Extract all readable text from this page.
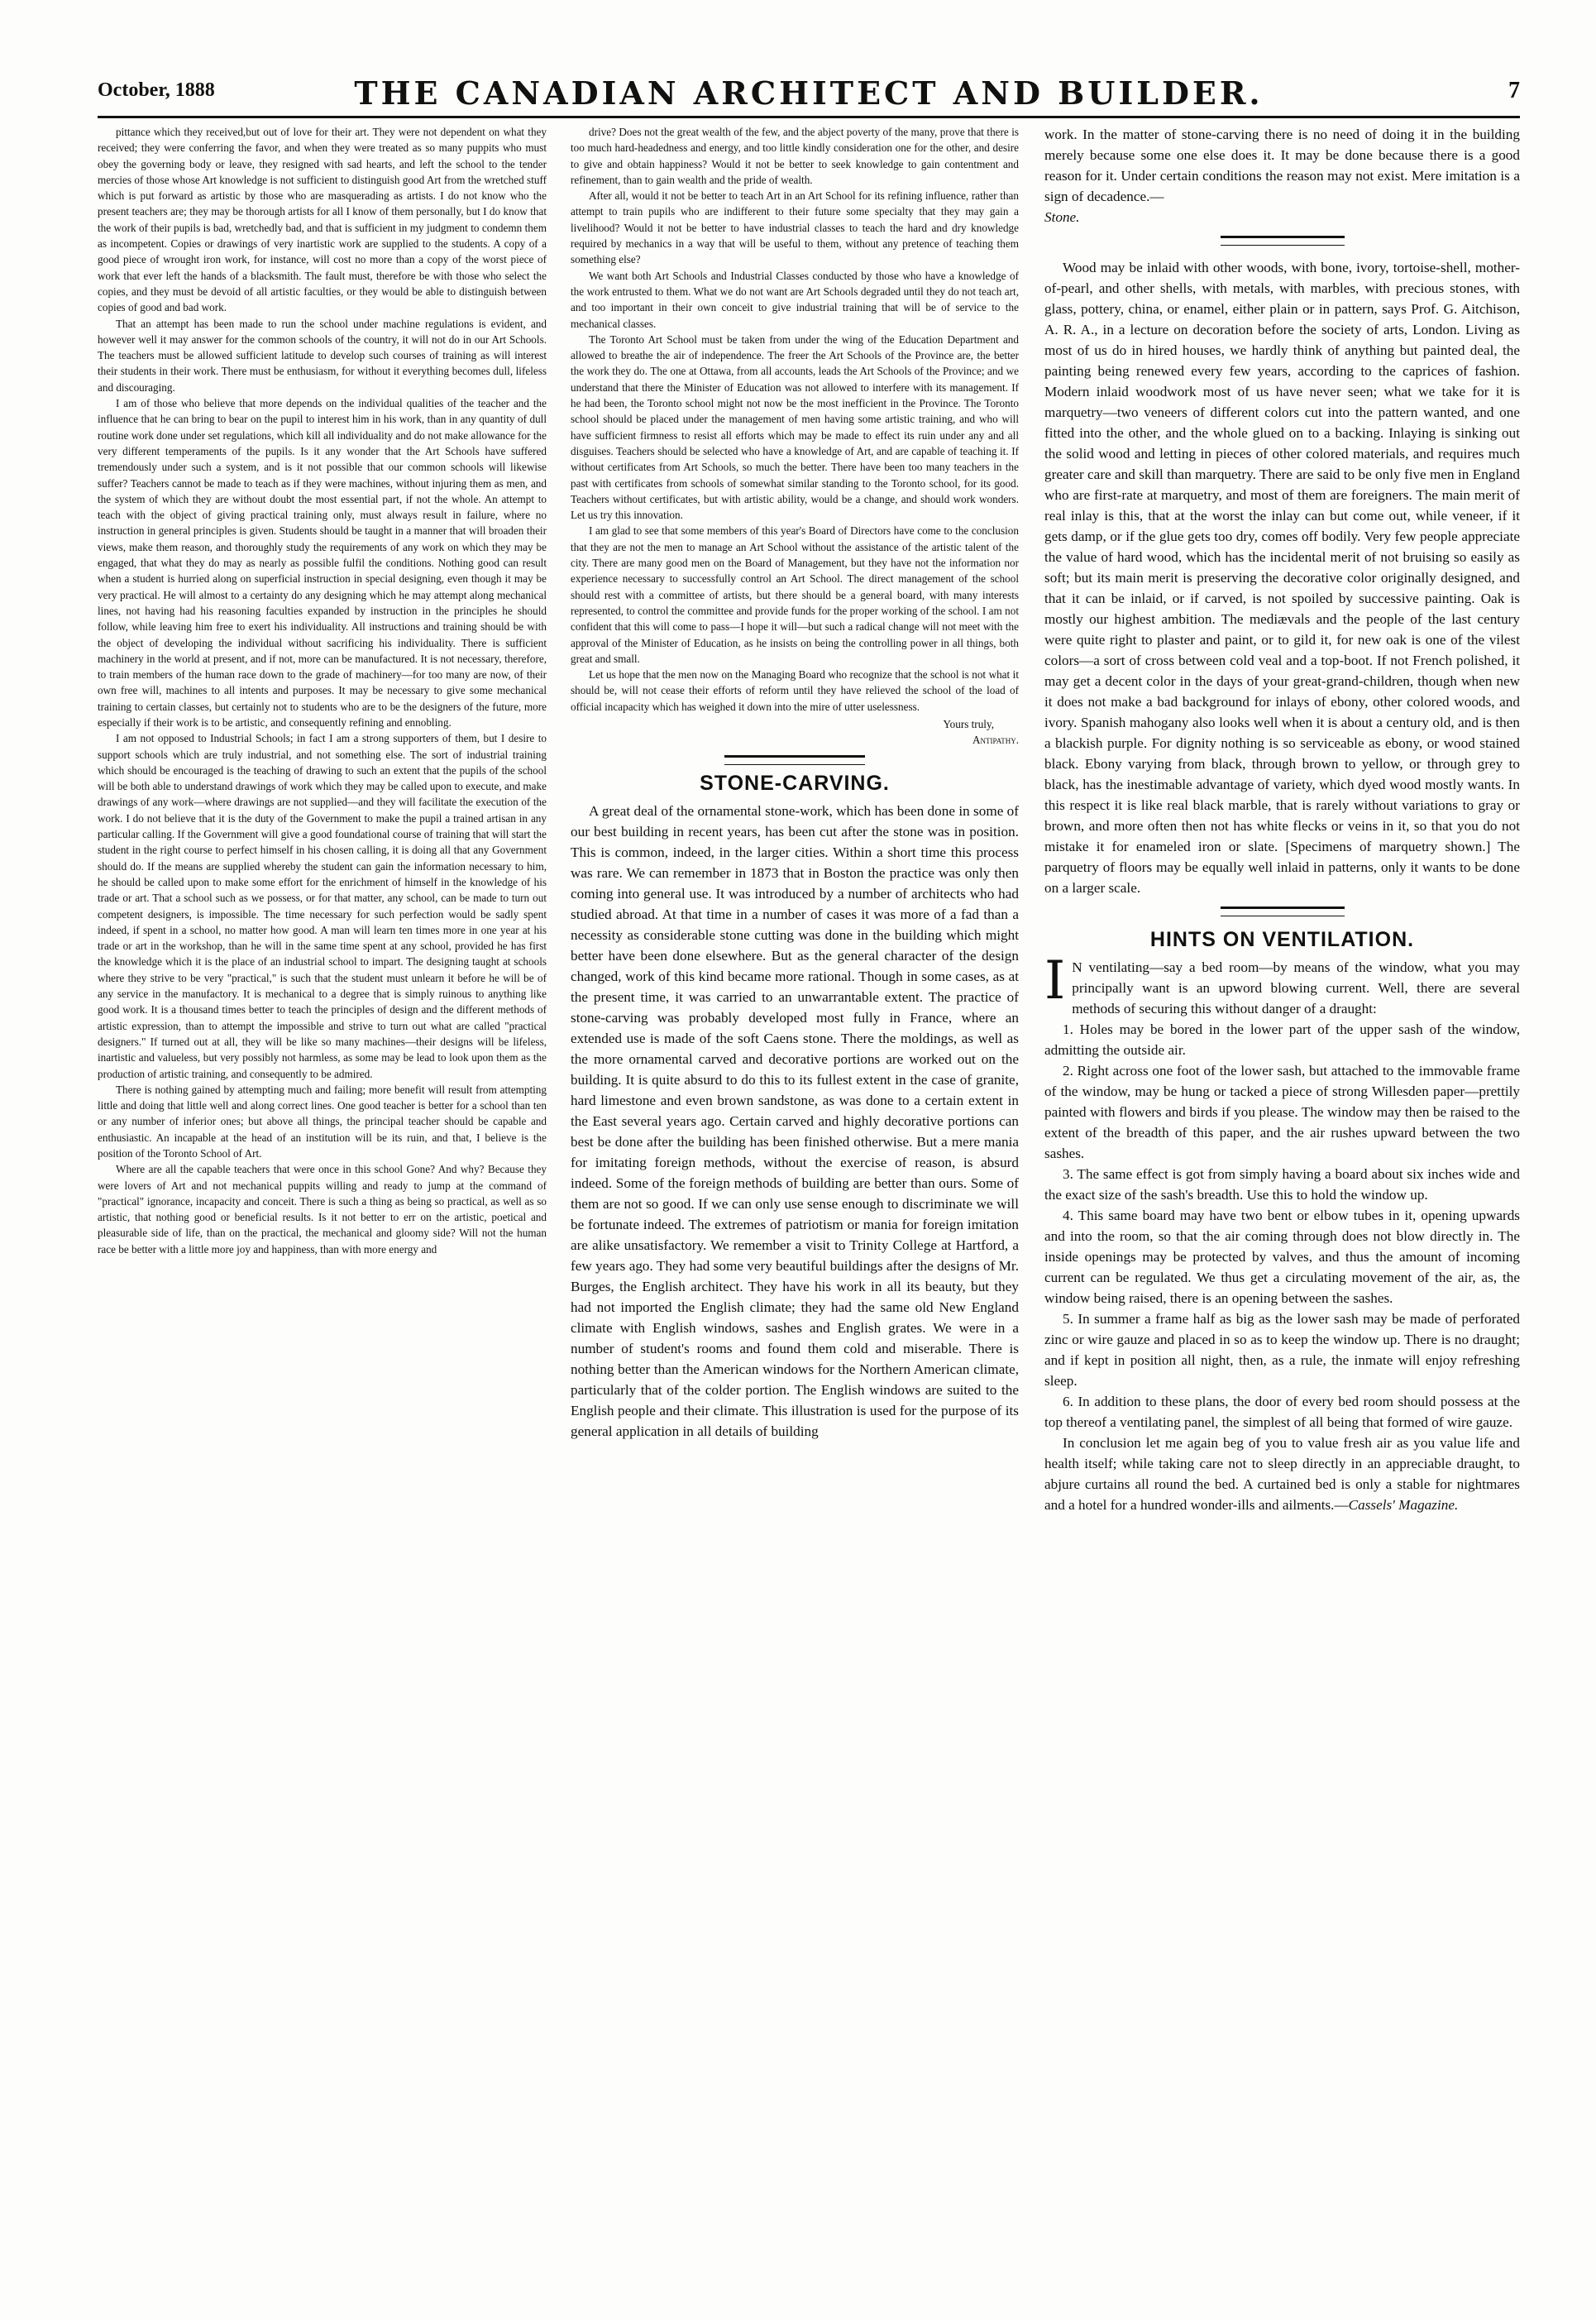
October, 1888	THE CANADIAN ARCHITECT AND BUILDER.	7

pittance which they received,but out of love for their art. They were not dependent on what they received; they were conferring the favor, and when they were treated as so many puppits who must obey the governing body or leave, they resigned with sad hearts, and left the school to the tender mercies of those whose Art knowledge is not sufficient to distinguish good Art from the wretched stuff which is put forward as artistic by those who are masquerading as artists. I do not know who the present teachers are; they may be thorough artists for all I know of them personally, but I do know that the work of their pupils is bad, wretchedly bad, and that is sufficient in my judgment to condemn them as incompetent. Copies or drawings of very inartistic work are supplied to the students. A copy of a good piece of wrought iron work, for instance, will cost no more than a copy of the worst piece of work that ever left the hands of a blacksmith. The fault must, therefore be with those who select the copies, and they must be devoid of all artistic faculties, or they would be able to distinguish between copies of good and bad work.

That an attempt has been made to run the school under machine regulations is evident, and however well it may answer for the common schools of the country, it will not do in our Art Schools. The teachers must be allowed sufficient latitude to develop such courses of training as will interest their students in their work. There must be enthusiasm, for without it everything becomes dull, lifeless and discouraging.

I am of those who believe that more depends on the individual qualities of the teacher and the influence that he can bring to bear on the pupil to interest him in his work, than in any quantity of dull routine work done under set regulations, which kill all individuality and do not make allowance for the very different temperaments of the pupils. Is it any wonder that the Art Schools have suffered tremendously under such a system, and is it not possible that our common schools will likewise suffer? Teachers cannot be made to teach as if they were machines, without injuring them as men, and the system of which they are without doubt the most essential part, if not the whole. An attempt to teach with the object of giving practical training only, must always result in failure, where no instruction in general principles is given. Students should be taught in a manner that will broaden their views, make them reason, and thoroughly study the requirements of any work on which they may be engaged, that what they do may as nearly as possible fulfil the conditions. Nothing good can result when a student is hurried along on superficial instruction in special designing, even though it may be very practical. He will almost to a certainty do any designing which he may attempt along mechanical lines, not having had his reasoning faculties expanded by instruction in the principles he should follow, while leaving him free to exert his individuality. All instructions and training should be with the object of developing the individual without sacrificing his individuality. There is sufficient machinery in the world at present, and if not, more can be manufactured. It is not necessary, therefore, to train members of the human race down to the grade of machinery—for too many are now, of their own free will, machines to all intents and purposes. It may be necessary to give some mechanical training to certain classes, but certainly not to students who are to be the designers of the future, more especially if their work is to be artistic, and consequently refining and ennobling.

I am not opposed to Industrial Schools; in fact I am a strong supporters of them, but I desire to support schools which are truly industrial, and not something else. The sort of industrial training which should be encouraged is the teaching of drawing to such an extent that the pupils of the school will be both able to understand drawings of work which they may be called upon to execute, and make drawings of any work—where drawings are not supplied—and they will facilitate the execution of the work. I do not believe that it is the duty of the Government to make the pupil a trained artisan in any particular calling. If the Government will give a good foundational course of training that will start the student in the right course to perfect himself in his chosen calling, it is doing all that any Government should do. If the means are supplied whereby the student can gain the information necessary to him, he should be called upon to make some effort for the enrichment of himself in the knowledge of his trade or art. That a school such as we possess, or for that matter, any school, can be made to turn out competent designers, is impossible. The time necessary for such perfection would be sadly spent indeed, if spent in a school, no matter how good. A man will learn ten times more in one year at his trade or art in the workshop, than he will in the same time spent at any school, provided he has first the knowledge which it is the place of an industrial school to impart. The designing taught at schools where they strive to be very "practical," is such that the student must unlearn it before he will be of any service in the manufactory. It is mechanical to a degree that is simply ruinous to anything like good work. It is a thousand times better to teach the principles of design and the different methods of artistic expression, than to attempt the impossible and strive to turn out what are called "practical designers." If turned out at all, they will be like so many machines—their designs will be lifeless, inartistic and valueless, but very possibly not harmless, as some may be lead to look upon them as the production of artistic training, and consequently to be admired.

There is nothing gained by attempting much and failing; more benefit will result from attempting little and doing that little well and along correct lines. One good teacher is better for a school than ten or any number of inferior ones; but above all things, the principal teacher should be capable and enthusiastic. An incapable at the head of an institution will be its ruin, and that, I believe is the position of the Toronto School of Art.

Where are all the capable teachers that were once in this school Gone? And why? Because they were lovers of Art and not mechanical puppits willing and ready to jump at the command of "practical" ignorance, incapacity and conceit. There is such a thing as being so practical, as well as so artistic, that nothing good or beneficial results. Is it not better to err on the artistic, poetical and pleasurable side of life, than on the practical, the mechanical and gloomy side? Will not the human race be better with a little more joy and happiness, than with more energy and

drive? Does not the great wealth of the few, and the abject poverty of the many, prove that there is too much hard-headedness and energy, and too little kindly consideration one for the other, and desire to give and obtain happiness? Would it not be better to seek knowledge to gain contentment and refinement, than to gain wealth and the pride of wealth.

After all, would it not be better to teach Art in an Art School for its refining influence, rather than attempt to train pupils who are indifferent to their future some specialty that they may gain a livelihood? Would it not be better to have industrial classes to teach the hard and dry knowledge required by mechanics in a way that will be useful to them, without any pretence of teaching them something else?

We want both Art Schools and Industrial Classes conducted by those who have a knowledge of the work entrusted to them. What we do not want are Art Schools degraded until they do not teach art, and too important in their own conceit to give industrial training that will be of service to the mechanical classes.

The Toronto Art School must be taken from under the wing of the Education Department and allowed to breathe the air of independence. The freer the Art Schools of the Province are, the better the work they do. The one at Ottawa, from all accounts, leads the Art Schools of the Province; and we understand that there the Minister of Education was not allowed to interfere with its management. If he had been, the Toronto school might not now be the most inefficient in the Province. The Toronto school should be placed under the management of men having some artistic training, and who will have sufficient firmness to resist all efforts which may be made to effect its ruin under any and all disguises. Teachers should be selected who have a knowledge of Art, and are capable of teaching it. If without certificates from Art Schools, so much the better. There have been too many teachers in the past with certificates from schools of somewhat similar standing to the Toronto school, for its good. Teachers without certificates, but with artistic ability, would be a change, and should work wonders. Let us try this innovation.

I am glad to see that some members of this year's Board of Directors have come to the conclusion that they are not the men to manage an Art School without the assistance of the artistic talent of the city. There are many good men on the Board of Management, but they have not the information nor experience necessary to successfully control an Art School. The direct management of the school should rest with a committee of artists, but there should be a general board, with many interests represented, to control the committee and provide funds for the proper working of the school. I am not confident that this will come to pass—I hope it will—but such a radical change will not meet with the approval of the Minister of Education, as he insists on being the controlling power in all things, both great and small.

Let us hope that the men now on the Managing Board who recognize that the school is not what it should be, will not cease their efforts of reform until they have relieved the school of the load of official incapacity which has weighed it down into the mire of utter uselessness.

Yours truly,

Antipathy.

STONE-CARVING.

A great deal of the ornamental stone-work, which has been done in some of our best building in recent years, has been cut after the stone was in position. This is common, indeed, in the larger cities. Within a short time this process was rare. We can remember in 1873 that in Boston the practice was only then coming into general use. It was introduced by a number of architects who had studied abroad. At that time in a number of cases it was more of a fad than a necessity as considerable stone cutting was done in the building which might better have been done elsewhere. But as the general character of the design changed, work of this kind became more rational. Though in some cases, as at the present time, it was carried to an unwarrantable extent. The practice of stone-carving was probably developed most fully in France, where an extended use is made of the soft Caens stone. There the moldings, as well as the more ornamental carved and decorative portions are worked out on the building. It is quite absurd to do this to its fullest extent in the case of granite, hard limestone and even brown sandstone, as was done to a certain extent in the East several years ago. Certain carved and highly decorative portions can best be done after the building has been finished otherwise. But a mere mania for imitating foreign methods, without the exercise of reason, is absurd indeed. Some of the foreign methods of building are better than ours. Some of them are not so good. If we can only use sense enough to discriminate we will be fortunate indeed. The extremes of patriotism or mania for foreign imitation are alike unsatisfactory. We remember a visit to Trinity College at Hartford, a few years ago. They had some very beautiful buildings after the designs of Mr. Burges, the English architect. They have his work in all its beauty, but they had not imported the English climate; they had the same old New England climate with English windows, sashes and English grates. We were in a number of student's rooms and found them cold and miserable. There is nothing better than the American windows for the Northern American climate, particularly that of the colder portion. The English windows are suited to the English people and their climate. This illustration is used for the purpose of its general application in all details of building

work. In the matter of stone-carving there is no need of doing it in the building merely because some one else does it. It may be done because there is a good reason for it. Under certain conditions the reason may not exist. Mere imitation is a sign of decadence.—
Stone.

Wood may be inlaid with other woods, with bone, ivory, tortoise-shell, mother-of-pearl, and other shells, with metals, with marbles, with precious stones, with glass, pottery, china, or enamel, either plain or in pattern, says Prof. G. Aitchison, A. R. A., in a lecture on decoration before the society of arts, London. Living as most of us do in hired houses, we hardly think of anything but painted deal, the painting being renewed every few years, according to the caprices of fashion. Modern inlaid woodwork most of us have never seen; what we take for it is marquetry—two veneers of different colors cut into the pattern wanted, and one fitted into the other, and the whole glued on to a backing. Inlaying is sinking out the solid wood and letting in pieces of other colored materials, and requires much greater care and skill than marquetry. There are said to be only five men in England who are first-rate at marquetry, and most of them are foreigners. The main merit of real inlay is this, that at the worst the inlay can but come out, while veneer, if it gets damp, or if the glue gets too dry, comes off bodily. Very few people appreciate the value of hard wood, which has the incidental merit of not bruising so easily as soft; but its main merit is preserving the decorative color originally designed, and that it can be inlaid, or if carved, is not spoiled by successive painting. Oak is mostly our highest ambition. The mediævals and the people of the last century were quite right to plaster and paint, or to gild it, for new oak is one of the vilest colors—a sort of cross between cold veal and a top-boot. If not French polished, it may get a decent color in the days of your great-grand-children, though when new it does not make a bad background for inlays of ebony, other colored woods, and ivory. Spanish mahogany also looks well when it is about a century old, and is then a blackish purple. For dignity nothing is so serviceable as ebony, or wood stained black. Ebony varying from black, through brown to yellow, or through grey to black, has the inestimable advantage of variety, which dyed wood mostly wants. In this respect it is like real black marble, that is rarely without variations to gray or brown, and more often then not has white flecks or veins in it, so that you do not mistake it for enameled iron or slate. [Specimens of marquetry shown.] The parquetry of floors may be equally well inlaid in patterns, only it wants to be done on a larger scale.

HINTS ON VENTILATION.

I N ventilating—say a bed room—by means of the window, what you may principally want is an upword blowing current. Well, there are several methods of securing this without danger of a draught:

1. Holes may be bored in the lower part of the upper sash of the window, admitting the outside air.

2. Right across one foot of the lower sash, but attached to the immovable frame of the window, may be hung or tacked a piece of strong Willesden paper—prettily painted with flowers and birds if you please. The window may then be raised to the extent of the breadth of this paper, and the air rushes upward between the two sashes.

3. The same effect is got from simply having a board about six inches wide and the exact size of the sash's breadth. Use this to hold the window up.

4. This same board may have two bent or elbow tubes in it, opening upwards and into the room, so that the air coming through does not blow directly in. The inside openings may be protected by valves, and thus the amount of incoming current can be regulated. We thus get a circulating movement of the air, as, the window being raised, there is an opening between the sashes.

5. In summer a frame half as big as the lower sash may be made of perforated zinc or wire gauze and placed in so as to keep the window up. There is no draught; and if kept in position all night, then, as a rule, the inmate will enjoy refreshing sleep.

6. In addition to these plans, the door of every bed room should possess at the top thereof a ventilating panel, the simplest of all being that formed of wire gauze.

In conclusion let me again beg of you to value fresh air as you value life and health itself; while taking care not to sleep directly in an appreciable draught, to abjure curtains all round the bed. A curtained bed is only a stable for nightmares and a hotel for a hundred wonder-ills and ailments.—Cassels' Magazine.
